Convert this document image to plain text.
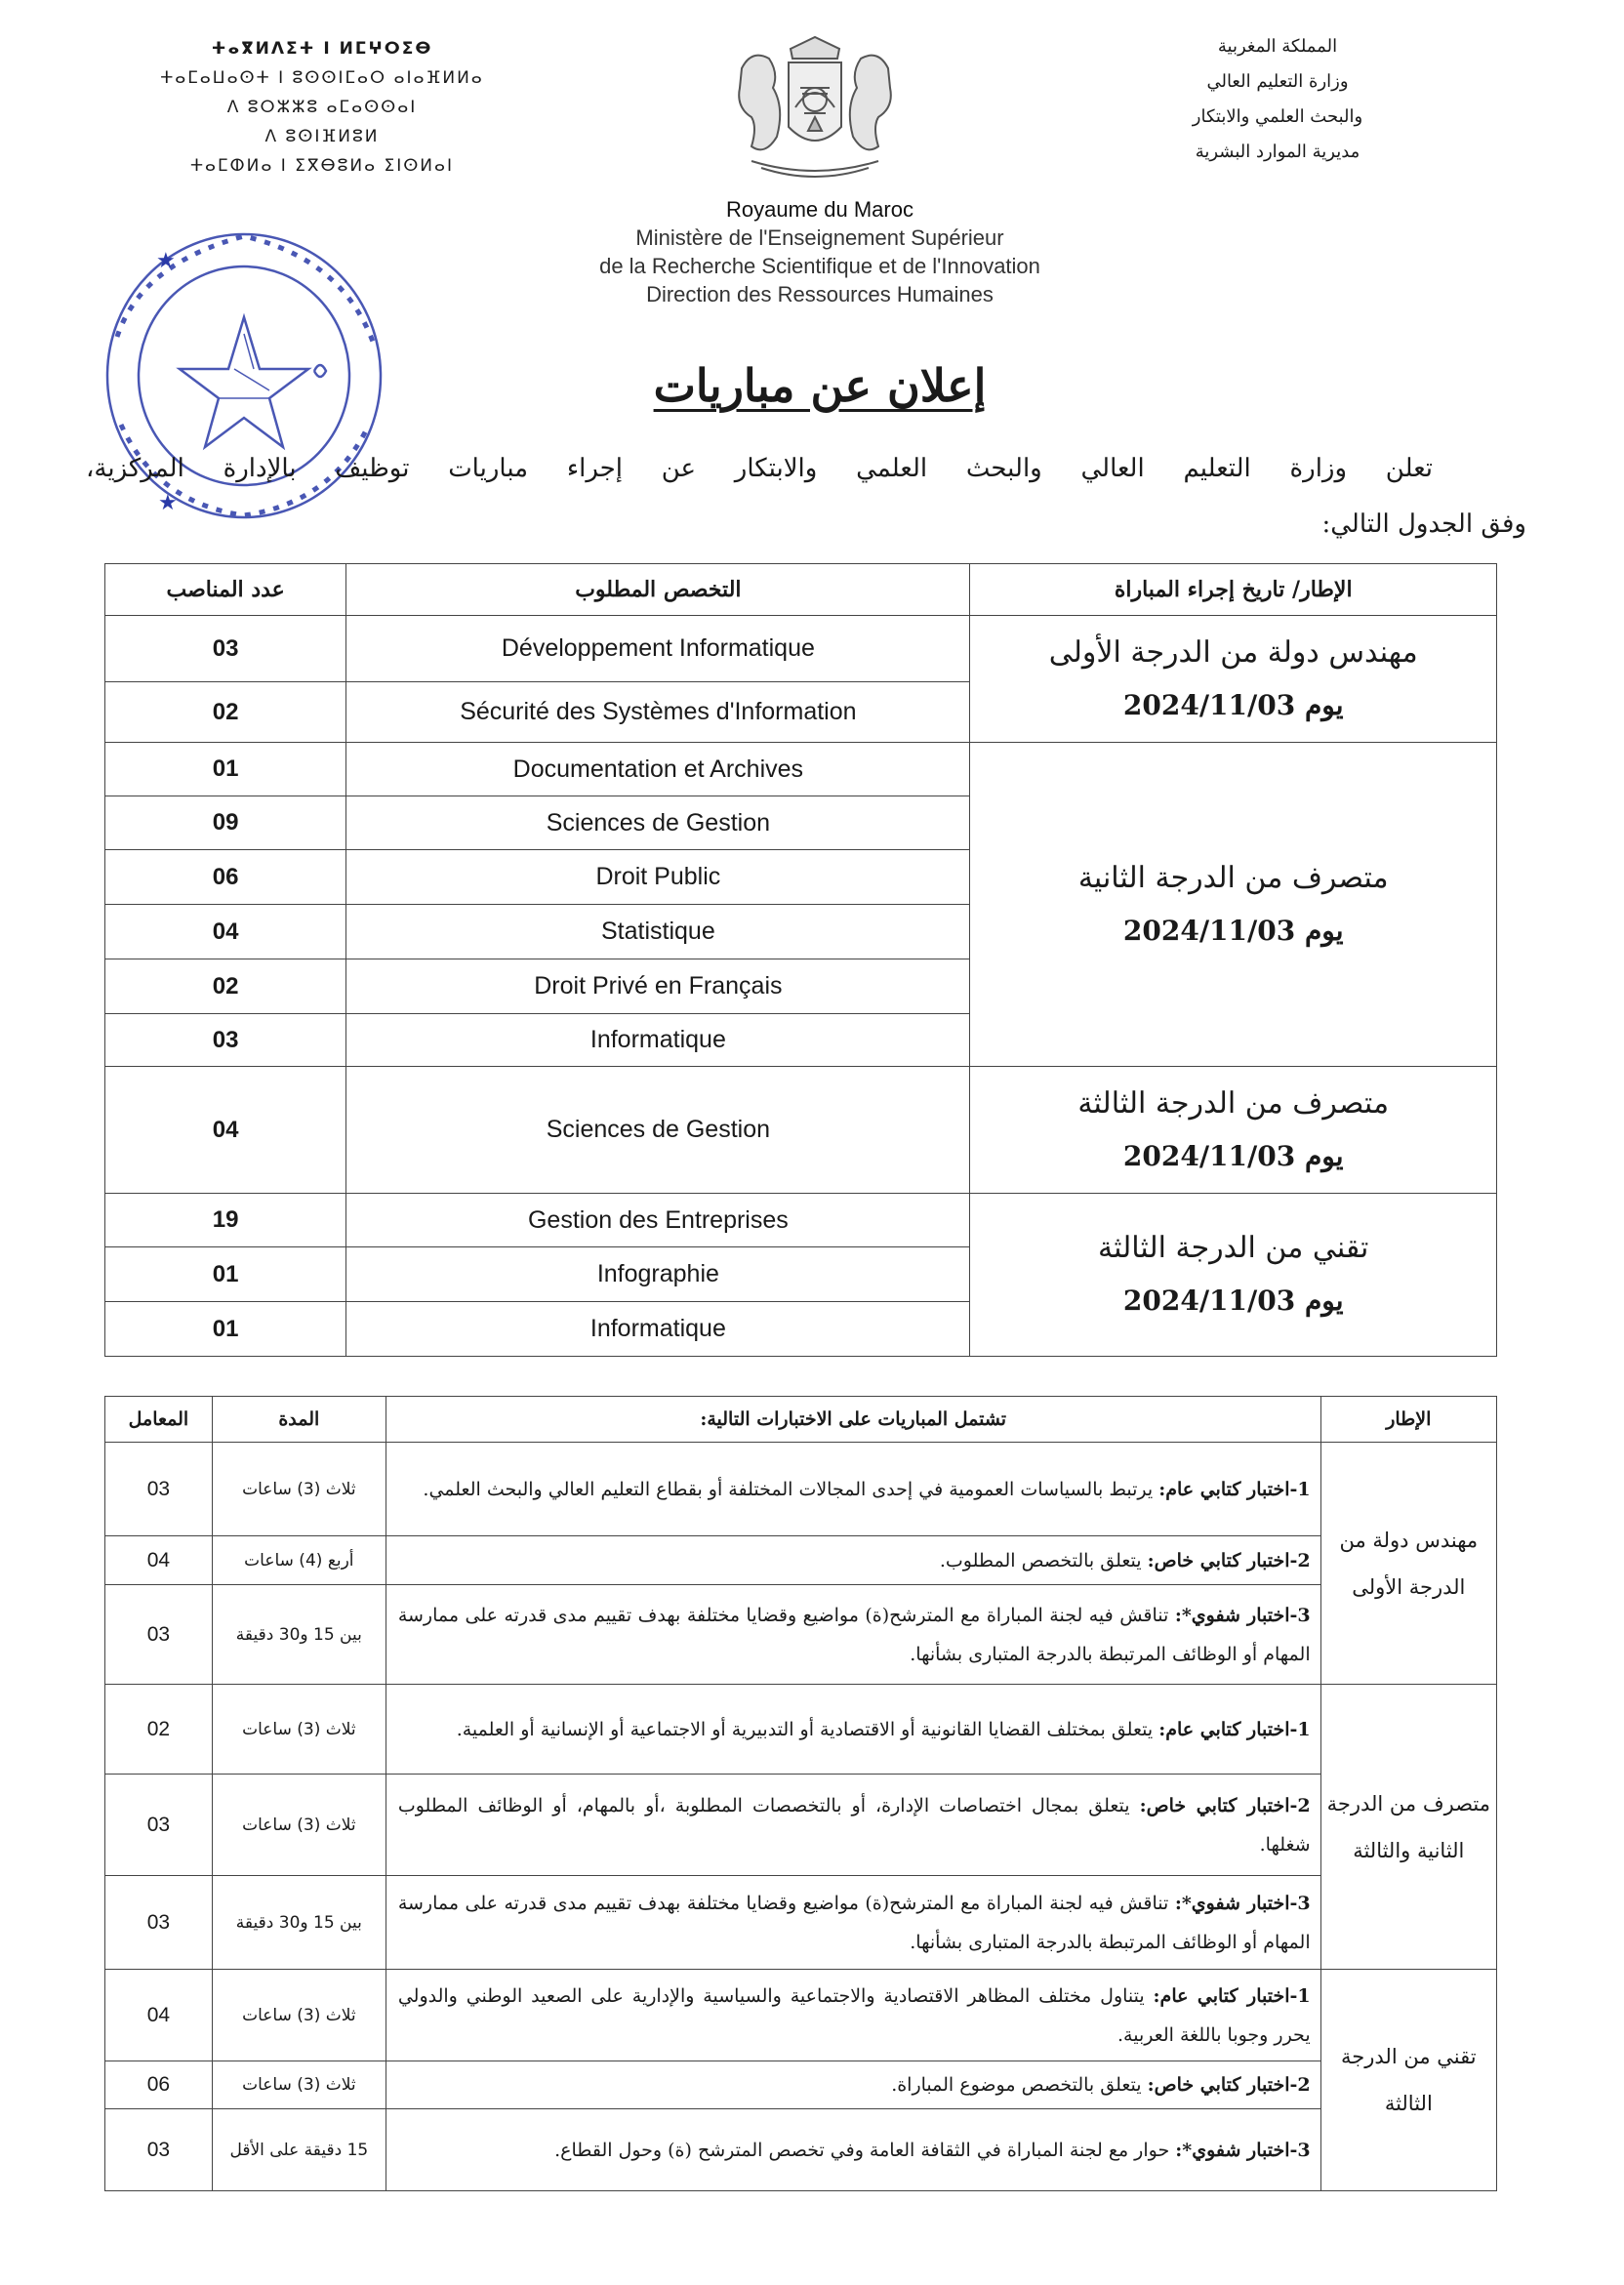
المملكة المغربية
وزارة التعليم العالي
والبحث العلمي والابتكار
مديرية الموارد البشرية
ⵜⴰⴳⵍⴷⵉⵜ ⵏ ⵍⵎⵖⵔⵉⴱ
ⵜⴰⵎⴰⵡⴰⵙⵜ ⵏ ⵓⵙⵙⵏⵎⴰⵔ ⴰⵏⴰⴼⵍⵍⴰ
ⴷ ⵓⵔⵣⵣⵓ ⴰⵎⴰⵙⵙⴰⵏ
ⴷ ⵓⵙⵏⴼⵍⵓⵍ
ⵜⴰⵎⵀⵍⴰ ⵏ ⵉⴳⴱⵓⵍⴰ ⵉⵏⵙⵍⴰⵏ
Royaume du Maroc
Ministère de l'Enseignement Supérieur
de la Recherche Scientifique et de l'Innovation
Direction des Ressources Humaines
★
★
إعلان عن مباريات
تعلن وزارة التعليم العالي والبحث العلمي والابتكار عن إجراء مباريات توظيف بالإدارة المركزية،
وفق الجدول التالي:
عدد المناصب	التخصص المطلوب	الإطار/ تاريخ إجراء المباراة
03	Développement Informatique	مهندس دولة من الدرجة الأولى
يوم 2024/11/03

02	Sécurité des Systèmes d'Information	
01	Documentation et Archives	متصرف من الدرجة الثانية
يوم 2024/11/03

09	Sciences de Gestion	
06	Droit Public	
04	Statistique	
02	Droit Privé en Français	
03	Informatique	
04	Sciences de Gestion	متصرف من الدرجة الثالثة
يوم 2024/11/03

19	Gestion des Entreprises	تقني من الدرجة الثالثة
يوم 2024/11/03

01	Infographie	
01	Informatique	
المعامل	المدة	تشتمل المباريات على الاختبارات التالية:	الإطار
03	ثلاث (3) ساعات	1-اختبار كتابي عام: يرتبط بالسياسات العمومية في إحدى المجالات المختلفة أو بقطاع التعليم العالي والبحث العلمي.	مهندس دولة من الدرجة الأولى
04	أربع (4) ساعات	2-اختبار كتابي خاص: يتعلق بالتخصص المطلوب.	
03	بين 15 و30 دقيقة	3-اختبار شفوي*: تناقش فيه لجنة المباراة مع المترشح(ة) مواضيع وقضايا مختلفة بهدف تقييم مدى قدرته على ممارسة المهام أو الوظائف المرتبطة بالدرجة المتبارى بشأنها.	
02	ثلاث (3) ساعات	1-اختبار كتابي عام: يتعلق بمختلف القضايا القانونية أو الاقتصادية أو التدبيرية أو الاجتماعية أو الإنسانية أو العلمية.	متصرف من الدرجة الثانية والثالثة
03	ثلاث (3) ساعات	2-اختبار كتابي خاص: يتعلق بمجال اختصاصات الإدارة، أو بالتخصصات المطلوبة ،أو بالمهام، أو الوظائف المطلوب شغلها.	
03	بين 15 و30 دقيقة	3-اختبار شفوي*: تناقش فيه لجنة المباراة مع المترشح(ة) مواضيع وقضايا مختلفة بهدف تقييم مدى قدرته على ممارسة المهام أو الوظائف المرتبطة بالدرجة المتبارى بشأنها.	
04	ثلاث (3) ساعات	1-اختبار كتابي عام: يتناول مختلف المظاهر الاقتصادية والاجتماعية والسياسية والإدارية على الصعيد الوطني والدولي يحرر وجوبا باللغة العربية.	تقني من الدرجة الثالثة
06	ثلاث (3) ساعات	2-اختبار كتابي خاص: يتعلق بالتخصص موضوع المباراة.	
03	15 دقيقة على الأقل	3-اختبار شفوي*: حوار مع لجنة المباراة في الثقافة العامة وفي تخصص المترشح (ة) وحول القطاع.	
